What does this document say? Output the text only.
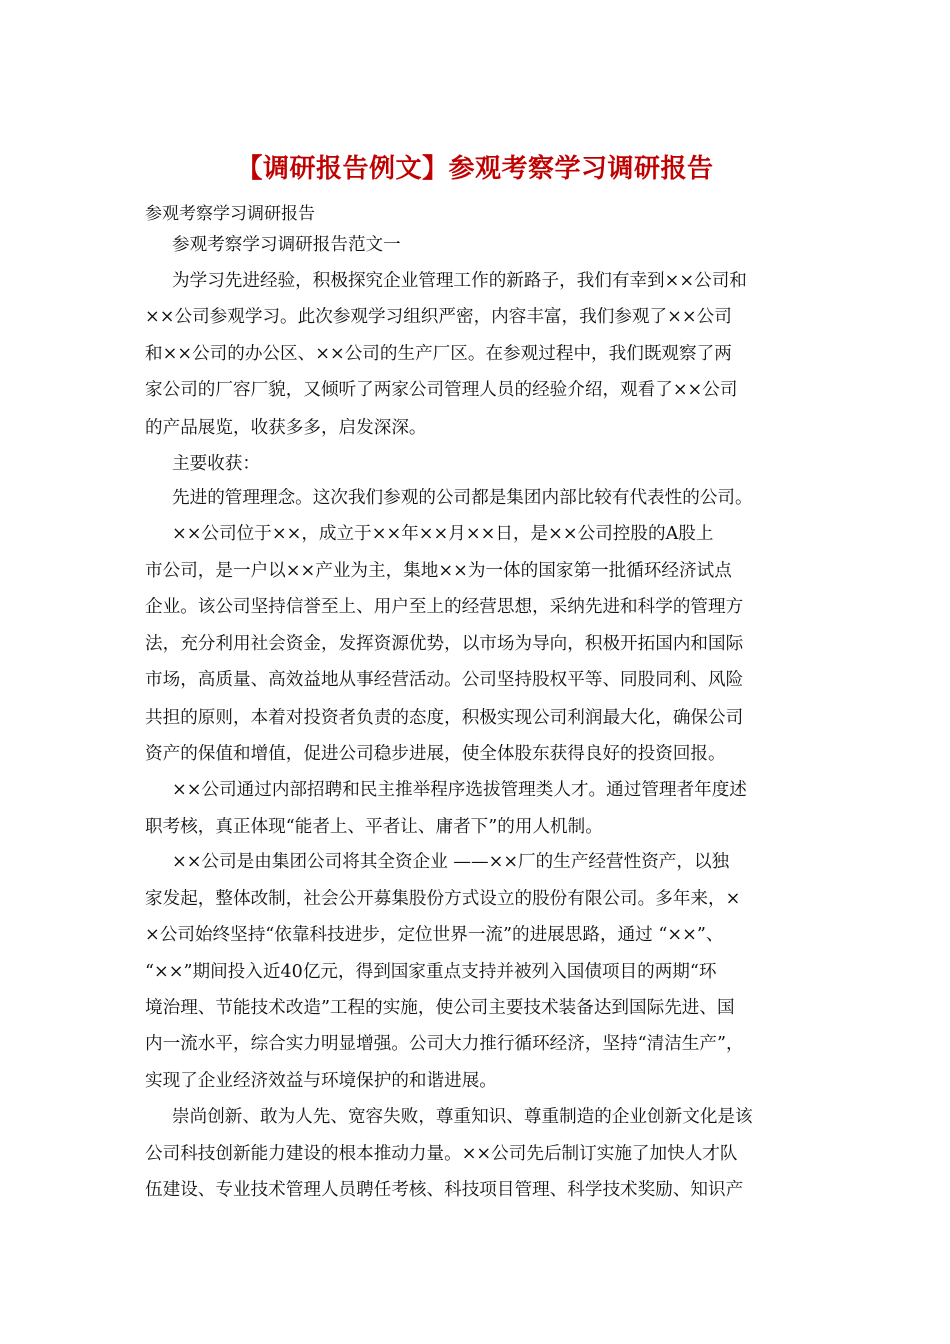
【调研报告例文】参观考察学习调研报告

参观考察学习调研报告

参观考察学习调研报告范文一

为学习先进经验，积极探究企业管理工作的新路子，我们有幸到××公司和

××公司参观学习。此次参观学习组织严密，内容丰富，我们参观了××公司

和××公司的办公区、××公司的生产厂区。在参观过程中，我们既观察了两

家公司的厂容厂貌，又倾听了两家公司管理人员的经验介绍，观看了××公司

的产品展览，收获多多，启发深深。

主要收获：

先进的管理理念。这次我们参观的公司都是集团内部比较有代表性的公司。

××公司位于××，成立于××年××月××日，是××公司控股的A股上

市公司，是一户以××产业为主，集地××为一体的国家第一批循环经济试点

企业。该公司坚持信誉至上、用户至上的经营思想，采纳先进和科学的管理方

法，充分利用社会资金，发挥资源优势，以市场为导向，积极开拓国内和国际

市场，高质量、高效益地从事经营活动。公司坚持股权平等、同股同利、风险

共担的原则，本着对投资者负责的态度，积极实现公司利润最大化，确保公司

资产的保值和增值，促进公司稳步进展，使全体股东获得良好的投资回报。

××公司通过内部招聘和民主推举程序选拔管理类人才。通过管理者年度述

职考核，真正体现“能者上、平者让、庸者下”的用人机制。

××公司是由集团公司将其全资企业 ——××厂的生产经营性资产，以独

家发起，整体改制，社会公开募集股份方式设立的股份有限公司。多年来，×

×公司始终坚持“依靠科技进步，定位世界一流”的进展思路，通过 “××”、

“××”期间投入近40亿元，得到国家重点支持并被列入国债项目的两期“环

境治理、节能技术改造”工程的实施，使公司主要技术装备达到国际先进、国

内一流水平，综合实力明显增强。公司大力推行循环经济，坚持“清洁生产”，

实现了企业经济效益与环境保护的和谐进展。

崇尚创新、敢为人先、宽容失败，尊重知识、尊重制造的企业创新文化是该

公司科技创新能力建设的根本推动力量。××公司先后制订实施了加快人才队

伍建设、专业技术管理人员聘任考核、科技项目管理、科学技术奖励、知识产
